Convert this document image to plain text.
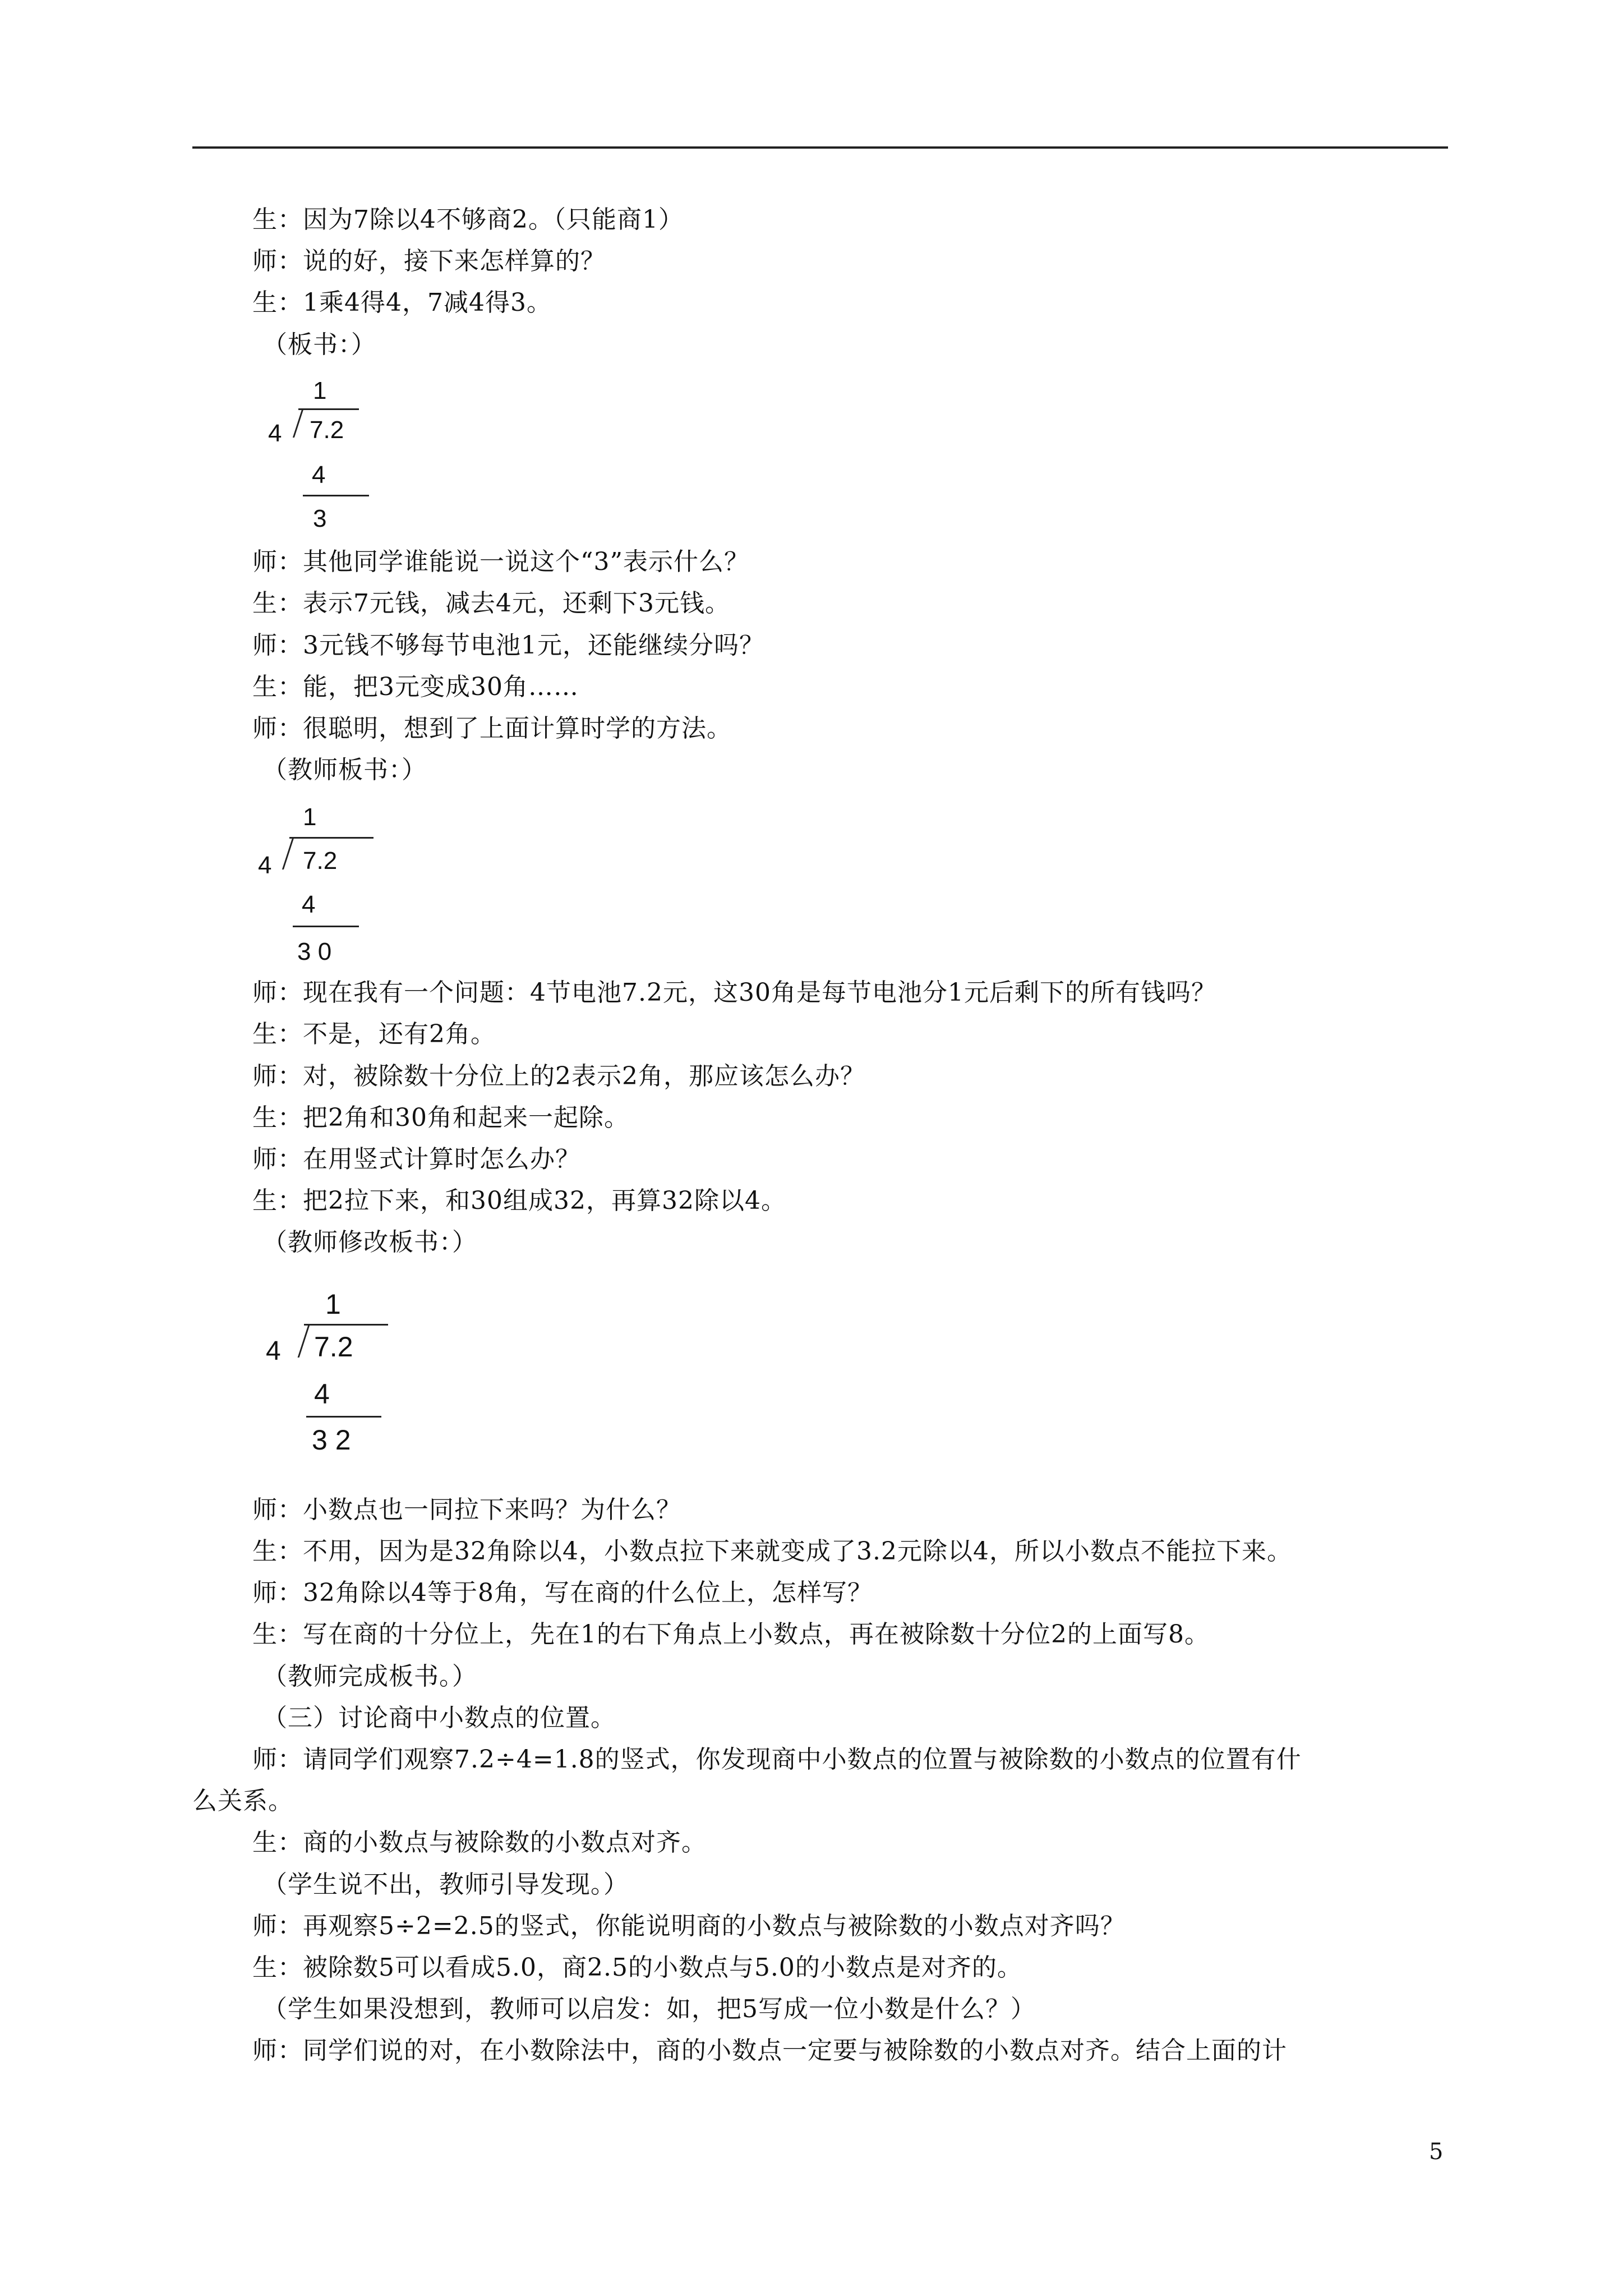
生：因为7除以4不够商2。（只能商1）
师：说的好，接下来怎样算的？
生：1乘4得4，7减4得3。
（板书：）
1
4 7.2
4
3
师：其他同学谁能说一说这个“3”表示什么？
生：表示7元钱，减去4元，还剩下3元钱。
师：3元钱不够每节电池1元，还能继续分吗？
生：能，把3元变成30角……
师：很聪明，想到了上面计算时学的方法。
（教师板书：）
1
4 7.2
4
3 0
师：现在我有一个问题：4节电池7.2元，这30角是每节电池分1元后剩下的所有钱吗？
生：不是，还有2角。
师：对，被除数十分位上的2表示2角，那应该怎么办？
生：把2角和30角和起来一起除。
师：在用竖式计算时怎么办？
生：把2拉下来，和30组成32，再算32除以4。
（教师修改板书：）
1
4 7.2
4
3 2
师：小数点也一同拉下来吗？为什么？
生：不用，因为是32角除以4，小数点拉下来就变成了3.2元除以4，所以小数点不能拉下来。
师：32角除以4等于8角，写在商的什么位上，怎样写？
生：写在商的十分位上，先在1的右下角点上小数点，再在被除数十分位2的上面写8。
（教师完成板书。）
（三）讨论商中小数点的位置。
师：请同学们观察7.2÷4=1.8的竖式，你发现商中小数点的位置与被除数的小数点的位置有什
么关系。
生：商的小数点与被除数的小数点对齐。
（学生说不出，教师引导发现。）
师：再观察5÷2=2.5的竖式，你能说明商的小数点与被除数的小数点对齐吗？
生：被除数5可以看成5.0，商2.5的小数点与5.0的小数点是对齐的。
（学生如果没想到，教师可以启发：如，把5写成一位小数是什么？）
师：同学们说的对，在小数除法中，商的小数点一定要与被除数的小数点对齐。结合上面的计
5
